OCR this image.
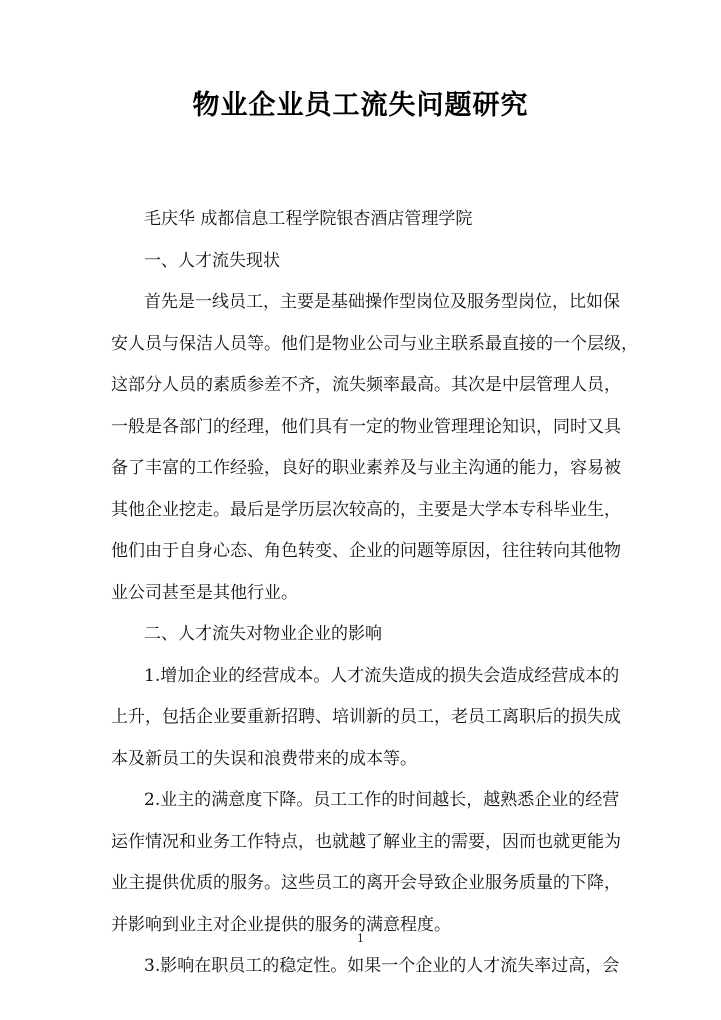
物业企业员工流失问题研究
毛庆华 成都信息工程学院银杏酒店管理学院
一、人才流失现状
首先是一线员工，主要是基础操作型岗位及服务型岗位，比如保
安人员与保洁人员等。他们是物业公司与业主联系最直接的一个层级，
这部分人员的素质参差不齐，流失频率最高。其次是中层管理人员，
一般是各部门的经理，他们具有一定的物业管理理论知识，同时又具
备了丰富的工作经验，良好的职业素养及与业主沟通的能力，容易被
其他企业挖走。最后是学历层次较高的，主要是大学本专科毕业生，
他们由于自身心态、角色转变、企业的问题等原因，往往转向其他物
业公司甚至是其他行业。
二、人才流失对物业企业的影响
1.增加企业的经营成本。人才流失造成的损失会造成经营成本的
上升，包括企业要重新招聘、培训新的员工，老员工离职后的损失成
本及新员工的失误和浪费带来的成本等。
2.业主的满意度下降。员工工作的时间越长，越熟悉企业的经营
运作情况和业务工作特点，也就越了解业主的需要，因而也就更能为
业主提供优质的服务。这些员工的离开会导致企业服务质量的下降，
并影响到业主对企业提供的服务的满意程度。
3.影响在职员工的稳定性。如果一个企业的人才流失率过高，会
1
